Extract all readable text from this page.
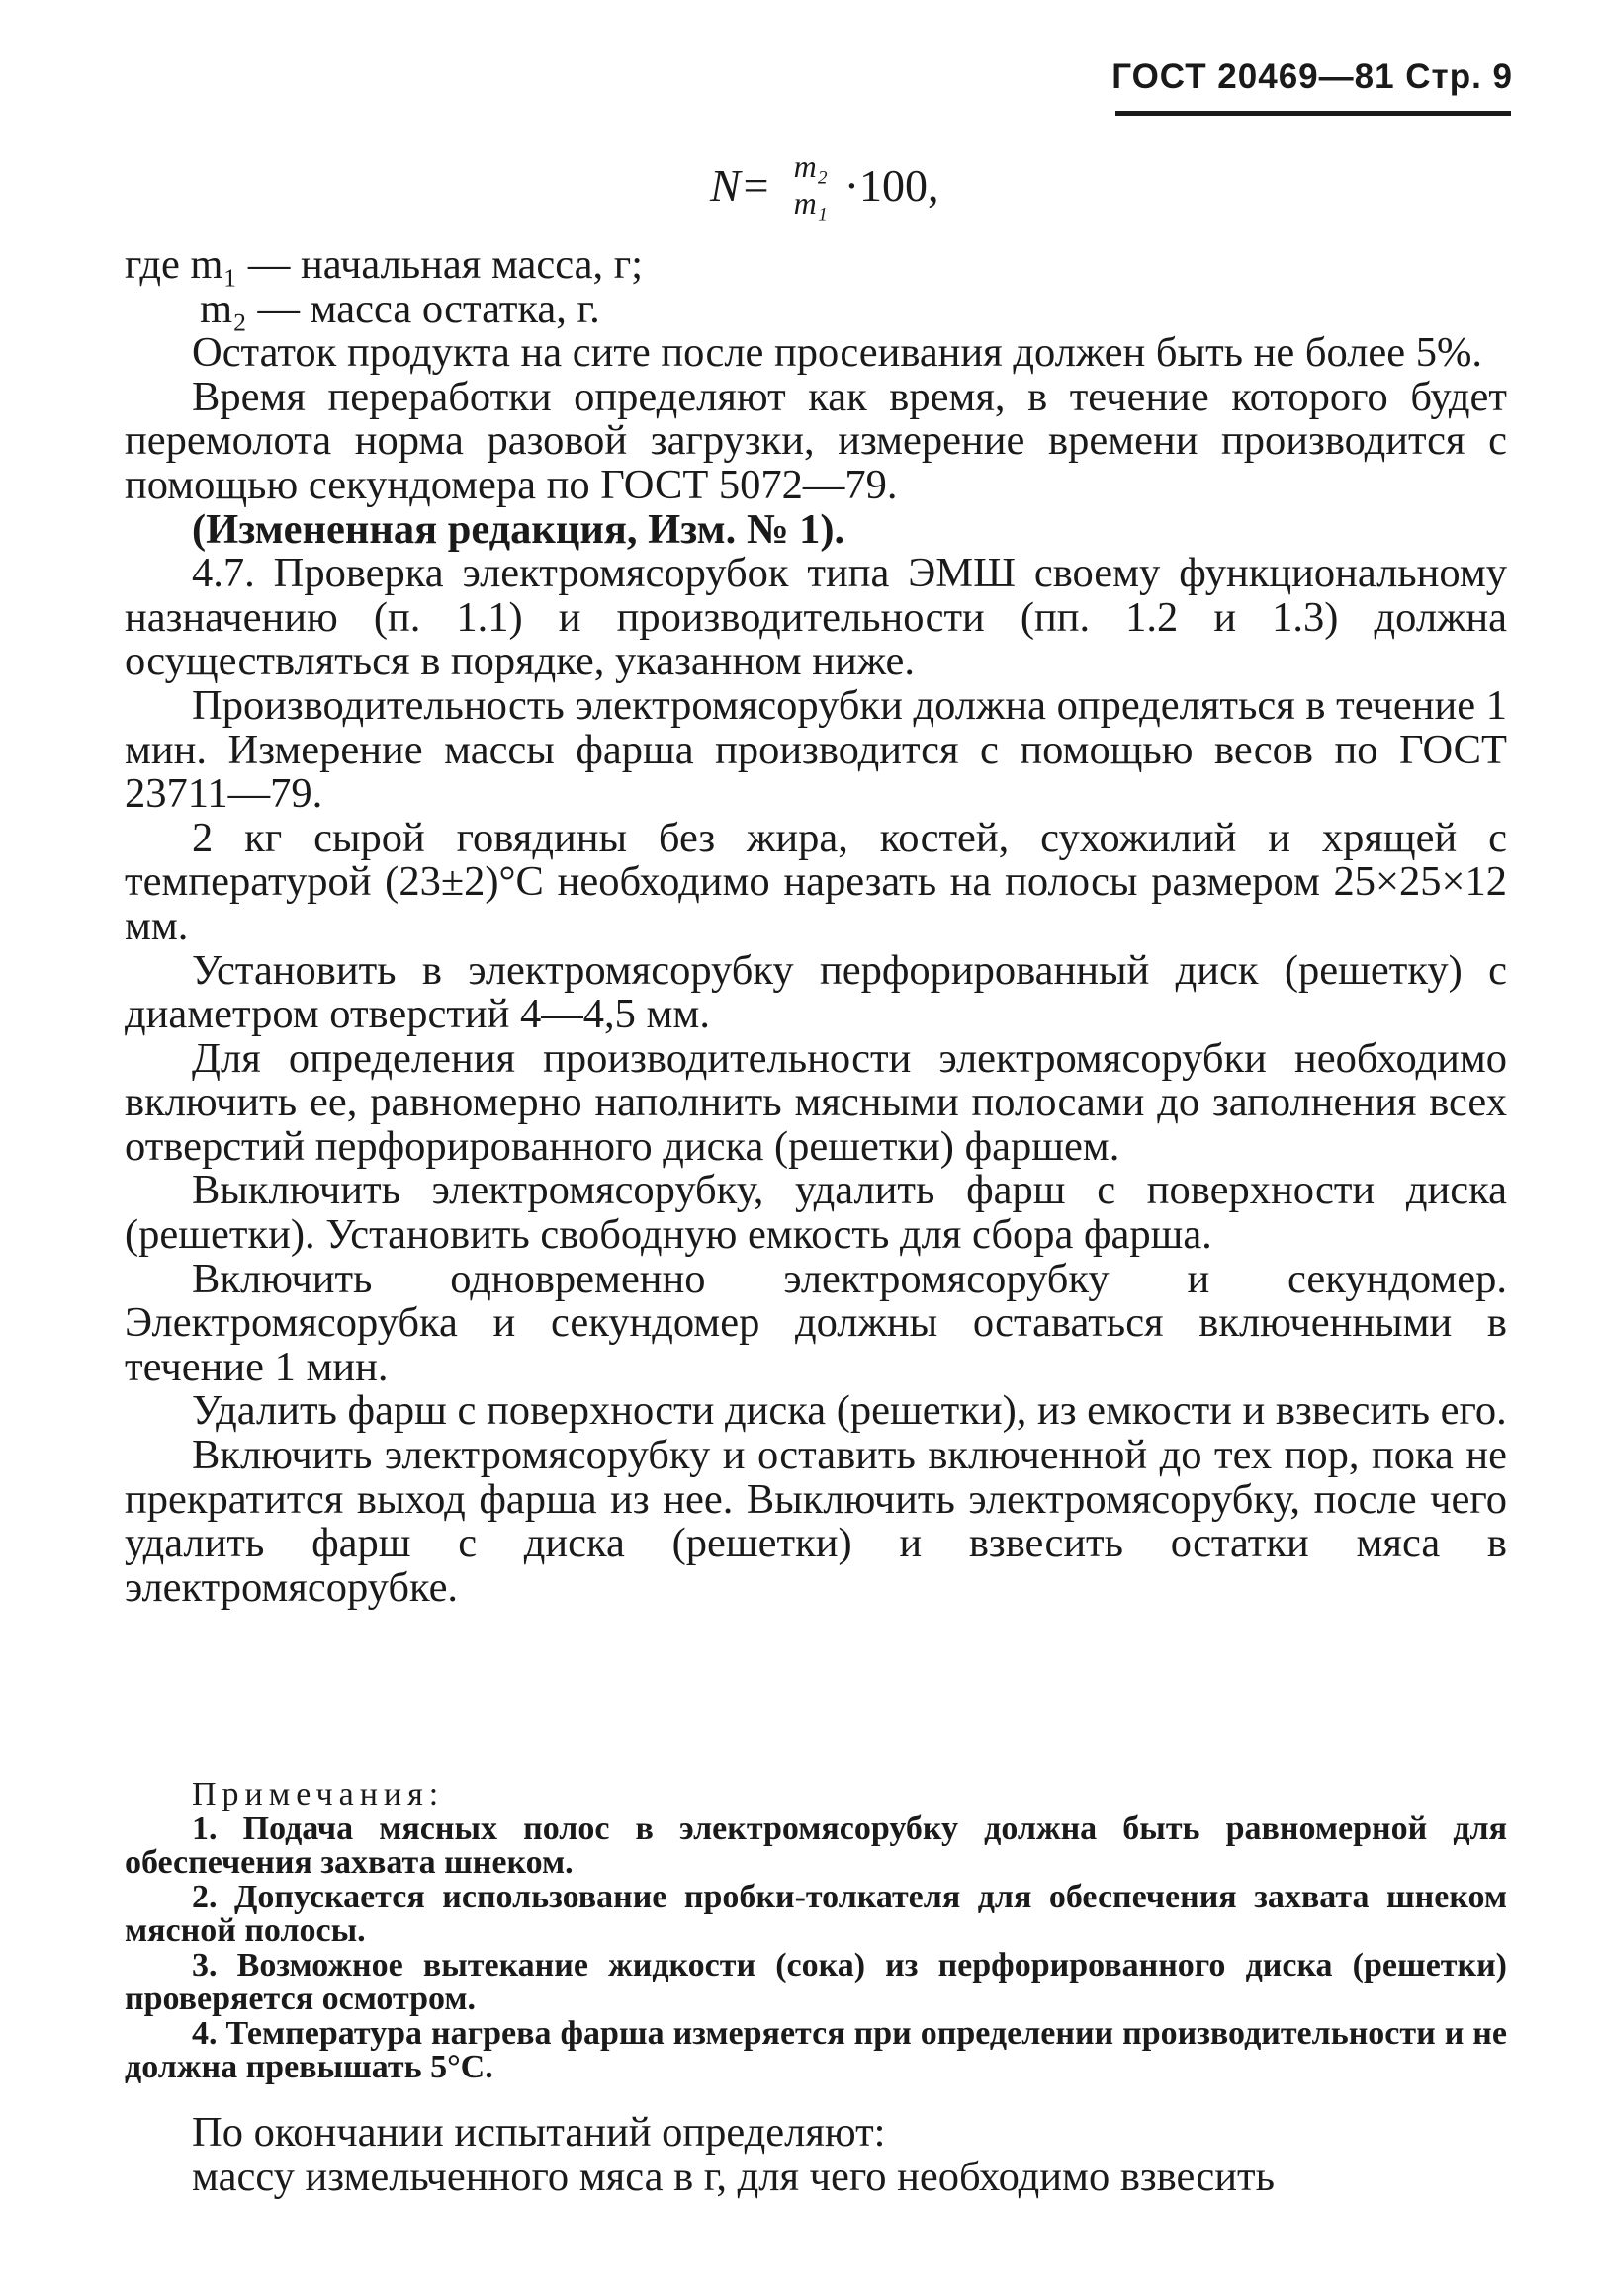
ГОСТ 20469—81 Стр. 9
N= m₂
m₁ ·100,

где m₁ — начальная масса, г;

m₂ — масса остатка, г.

Остаток продукта на сите после просеивания должен быть не более 5%.

Время переработки определяют как время, в течение которого будет перемолота норма разовой загрузки, измерение времени производится с помощью секундомера по ГОСТ 5072—79.

(Измененная редакция, Изм. № 1).

4.7. Проверка электромясорубок типа ЭМШ своему функциональному назначению (п. 1.1) и производительности (пп. 1.2 и 1.3) должна осуществляться в порядке, указанном ниже.

Производительность электромясорубки должна определяться в течение 1 мин. Измерение массы фарша производится с помощью весов по ГОСТ 23711—79.

2 кг сырой говядины без жира, костей, сухожилий и хрящей с температурой (23±2)°С необходимо нарезать на полосы размером 25×25×12 мм.

Установить в электромясорубку перфорированный диск (решетку) с диаметром отверстий 4—4,5 мм.

Для определения производительности электромясорубки необходимо включить ее, равномерно наполнить мясными полосами до заполнения всех отверстий перфорированного диска (решетки) фаршем.

Выключить электромясорубку, удалить фарш с поверхности диска (решетки). Установить свободную емкость для сбора фарша.

Включить одновременно электромясорубку и секундомер. Электромясорубка и секундомер должны оставаться включенными в течение 1 мин.

Удалить фарш с поверхности диска (решетки), из емкости и взвесить его.

Включить электромясорубку и оставить включенной до тех пор, пока не прекратится выход фарша из нее. Выключить электромясорубку, после чего удалить фарш с диска (решетки) и взвесить остатки мяса в электромясорубке.

Примечания:

1. Подача мясных полос в электромясорубку должна быть равномерной для обеспечения захвата шнеком.

2. Допускается использование пробки-толкателя для обеспечения захвата шнеком мясной полосы.

3. Возможное вытекание жидкости (сока) из перфорированного диска (решетки) проверяется осмотром.

4. Температура нагрева фарша измеряется при определении производительности и не должна превышать 5°С.

По окончании испытаний определяют:

массу измельченного мяса в г, для чего необходимо взвесить
